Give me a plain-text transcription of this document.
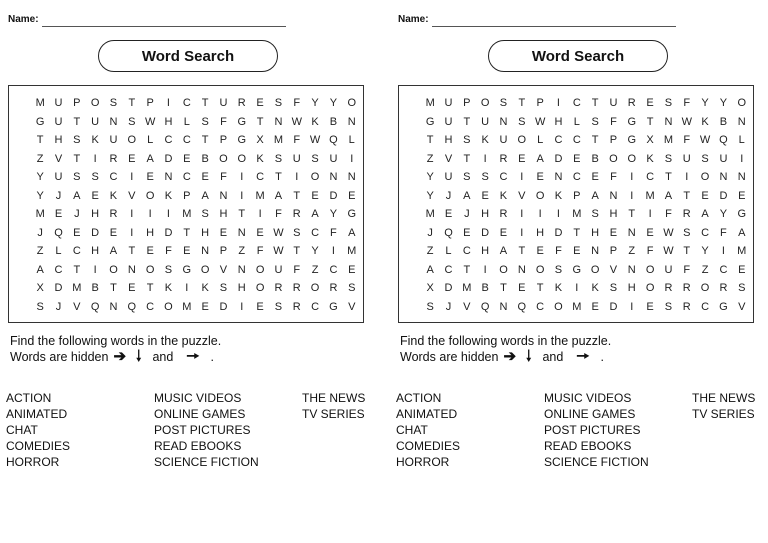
Name:
Word Search
M U P O S	T	P	I	C T U R E S	F	Y Y O
G U T U N S W H	L	S	F G T N W K B N
T H S K U O L	C C T	P G X M F W Q L
Z	V	T	I	R E A D E B O O K S U S U	I
Y U S S C	I	E N C E	F	I	C T	I	O N N
Y	J	A E K V O K P A N	I	M A	T	E D E
M E	J	H R	I	I	I	M S H T	I	F R A Y G
J	Q E D E	I	H D T H E N E W S C F	A
Z	L	C H A	T	E	F	E N P	Z	F W T	Y	I	M
A C T	I	O N O S G O V N O U F	Z C E
X D M B	T	E	T	K	I	K S H O R R O R S
S	J	V Q N Q C O M E D	I	E S R C G V
Find the following words in the puzzle.
Words are hidden ➔ 🠓 and 🠖 .
ACTION
ANIMATED
CHAT
COMEDIES
HORROR
MUSIC VIDEOS
ONLINE GAMES
POST PICTURES
READ EBOOKS
SCIENCE FICTION
THE NEWS
TV SERIES
Name:
Word Search
M U P O S	T	P	I	C T U R E S	F	Y Y O
G U T U N S W H	L	S	F G T N W K B N
T H S K U O L	C C T	P G X M F W Q L
Z	V	T	I	R E A D E B O O K S U S U	I
Y U S S C	I	E N C E	F	I	C T	I	O N N
Y	J	A E K V O K P A N	I	M A	T	E D E
M E	J	H R	I	I	I	M S H T	I	F R A Y G
J	Q E D E	I	H D T H E N E W S C F	A
Z	L	C H A	T	E	F	E N P	Z	F W T	Y	I	M
A C T	I	O N O S G O V N O U F	Z C E
X D M B	T	E	T	K	I	K S H O R R O R S
S	J	V Q N Q C O M E D	I	E S R C G V
Find the following words in the puzzle.
Words are hidden ➔ 🠓 and 🠖 .
ACTION
ANIMATED
CHAT
COMEDIES
HORROR
MUSIC VIDEOS
ONLINE GAMES
POST PICTURES
READ EBOOKS
SCIENCE FICTION
THE NEWS
TV SERIES
